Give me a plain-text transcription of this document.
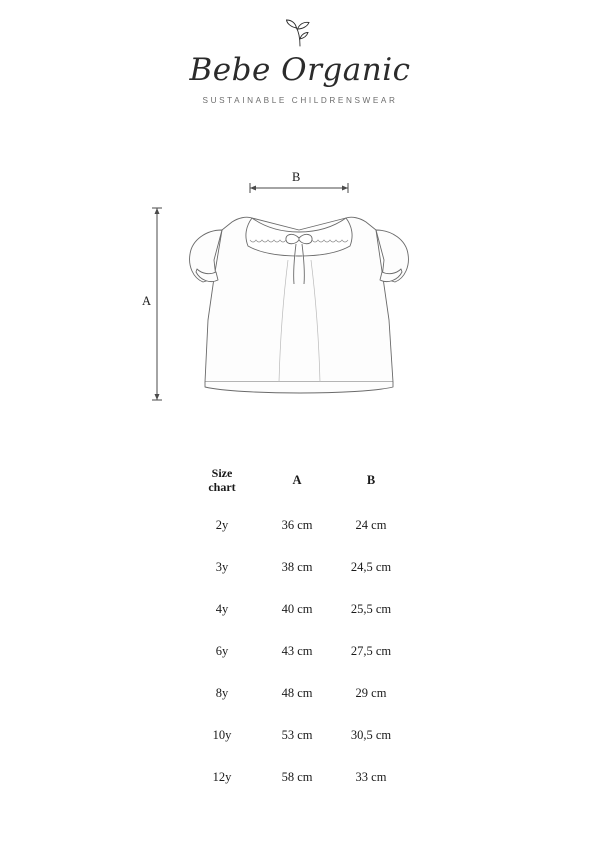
Bebe Organic
SUSTAINABLE CHILDRENSWEAR
B
A
Size
chart	A	B
2y	36 cm	24 cm
3y	38 cm	24,5 cm
4y	40 cm	25,5 cm
6y	43 cm	27,5 cm
8y	48 cm	29 cm
10y	53 cm	30,5 cm
12y	58 cm	33 cm
